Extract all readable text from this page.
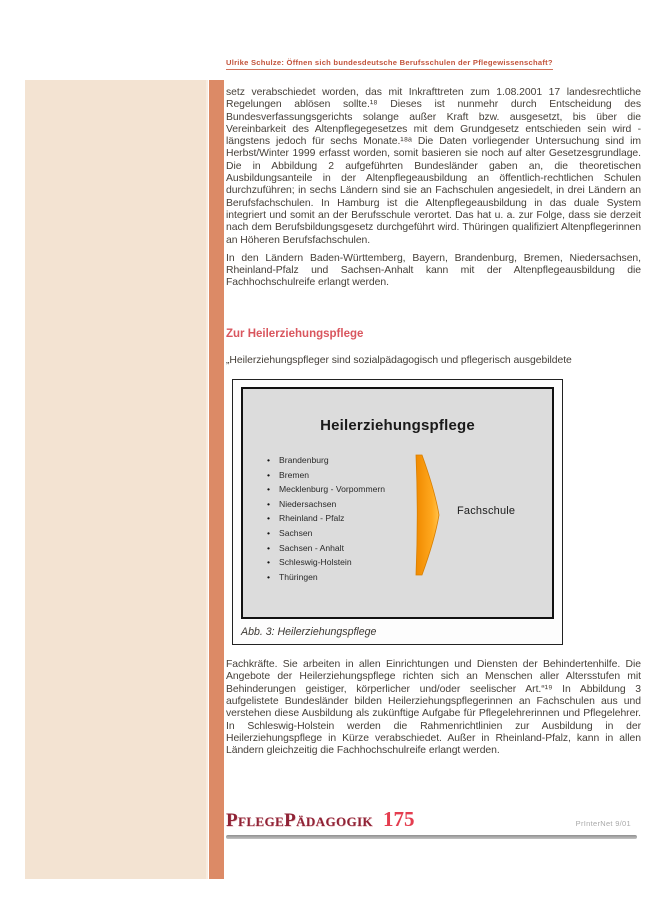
Ulrike Schulze: Öffnen sich bundesdeutsche Berufsschulen der Pflegewissenschaft?

setz verabschiedet worden, das mit Inkrafttreten zum 1.08.2001 17 landesrechtliche Regelungen ablösen sollte.¹⁸ Dieses ist nunmehr durch Entscheidung des Bundesverfassungsgerichts solange außer Kraft bzw. ausgesetzt, bis über die Vereinbarkeit des Altenpflegegesetzes mit dem Grundgesetz entschieden sein wird - längstens jedoch für sechs Monate.¹⁸ᵃ Die Daten vorliegender Untersuchung sind im Herbst/Winter 1999 erfasst worden, somit basieren sie noch auf alter Gesetzesgrundlage. Die in Abbildung 2 aufgeführten Bundesländer gaben an, die theoretischen Ausbildungsanteile in der Altenpflegeausbildung an öffentlich-rechtlichen Schulen durchzuführen; in sechs Ländern sind sie an Fachschulen angesiedelt, in drei Ländern an Berufsfachschulen. In Hamburg ist die Altenpflegeausbildung in das duale System integriert und somit an der Berufsschule verortet. Das hat u. a. zur Folge, dass sie derzeit nach dem Berufsbildungsgesetz durchgeführt wird. Thüringen qualifiziert Altenpflegerinnen an Höheren Berufsfachschulen.

In den Ländern Baden-Württemberg, Bayern, Brandenburg, Bremen, Niedersachsen, Rheinland-Pfalz und Sachsen-Anhalt kann mit der Altenpflegeausbildung die Fachhochschulreife erlangt werden.

Zur Heilerziehungspflege

„Heilerziehungspfleger sind sozialpädagogisch und pflegerisch ausgebildete

Heilerziehungspflege
• Brandenburg
• Bremen
• Mecklenburg - Vorpommern
• Niedersachsen
• Rheinland - Pfalz
• Sachsen
• Sachsen - Anhalt
• Schleswig-Holstein
• Thüringen
Fachschule
Abb. 3: Heilerziehungspflege

Fachkräfte. Sie arbeiten in allen Einrichtungen und Diensten der Behindertenhilfe. Die Angebote der Heilerziehungspflege richten sich an Menschen aller Altersstufen mit Behinderungen geistiger, körperlicher und/oder seelischer Art.“¹⁹ In Abbildung 3 aufgelistete Bundesländer bilden Heilerziehungspflegerinnen an Fachschulen aus und verstehen diese Ausbildung als zukünftige Aufgabe für Pflegelehrerinnen und Pflegelehrer. In Schleswig-Holstein werden die Rahmenrichtlinien zur Ausbildung in der Heilerziehungspflege in Kürze verabschiedet. Außer in Rheinland-Pfalz, kann in allen Ländern gleichzeitig die Fachhochschulreife erlangt werden.

PflegePädagogik 175	PrInterNet 9/01
